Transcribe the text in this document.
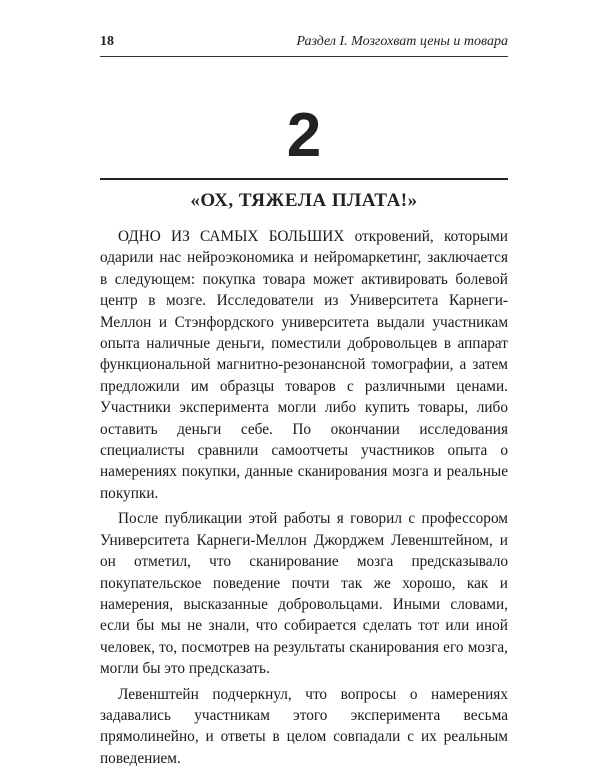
18	Раздел I. Мозгохват цены и товара
2
«ОХ, ТЯЖЕЛА ПЛАТА!»

ОДНО ИЗ САМЫХ БОЛЬШИХ откровений, которыми одарили нас нейроэкономика и нейромаркетинг, заключается в следующем: покупка товара может активировать болевой центр в мозге. Исследователи из Университета Карнеги-Меллон и Стэнфордского университета выдали участникам опыта наличные деньги, поместили добровольцев в аппарат функциональной магнитно-резонансной томографии, а затем предложили им образцы товаров с различными ценами. Участники эксперимента могли либо купить товары, либо оставить деньги себе. По окончании исследования специалисты сравнили самоотчеты участников опыта о намерениях покупки, данные сканирования мозга и реальные покупки.

После публикации этой работы я говорил с профессором Университета Карнеги-Меллон Джорджем Левенштейном, и он отметил, что сканирование мозга предсказывало покупательское поведение почти так же хорошо, как и намерения, высказанные добровольцами. Иными словами, если бы мы не знали, что собирается сделать тот или иной человек, то, посмотрев на результаты сканирования его мозга, могли бы это предсказать.

Левенштейн подчеркнул, что вопросы о намерениях задавались участникам этого эксперимента весьма прямолинейно, и ответы в целом совпадали с их реальным поведением.
